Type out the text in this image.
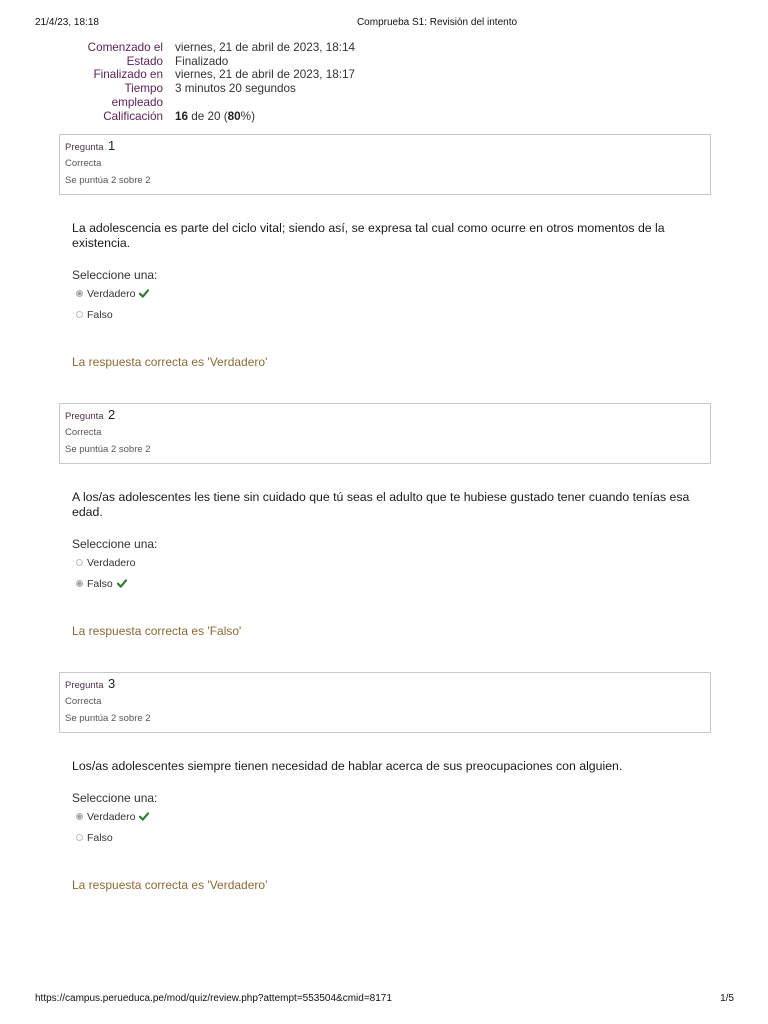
21/4/23, 18:18	Comprueba S1: Revisión del intento
Comenzado el viernes, 21 de abril de 2023, 18:14
Estado Finalizado
Finalizado en viernes, 21 de abril de 2023, 18:17
Tiempo empleado
3 minutos 20 segundos
Calificación 16 de 20 (80%)
Pregunta 1
Correcta
Se puntúa 2 sobre 2
La adolescencia es parte del ciclo vital; siendo así, se expresa tal cual como ocurre en otros momentos de la existencia.
Seleccione una:
Verdadero
Falso
La respuesta correcta es 'Verdadero'
Pregunta 2
Correcta
Se puntúa 2 sobre 2
A los/as adolescentes les tiene sin cuidado que tú seas el adulto que te hubiese gustado tener cuando tenías esa edad.
Seleccione una:
Verdadero
Falso
La respuesta correcta es 'Falso'
Pregunta 3
Correcta
Se puntúa 2 sobre 2
Los/as adolescentes siempre tienen necesidad de hablar acerca de sus preocupaciones con alguien.
Seleccione una:
Verdadero
Falso
La respuesta correcta es 'Verdadero'
https://campus.perueduca.pe/mod/quiz/review.php?attempt=553504&cmid=8171	1/5
